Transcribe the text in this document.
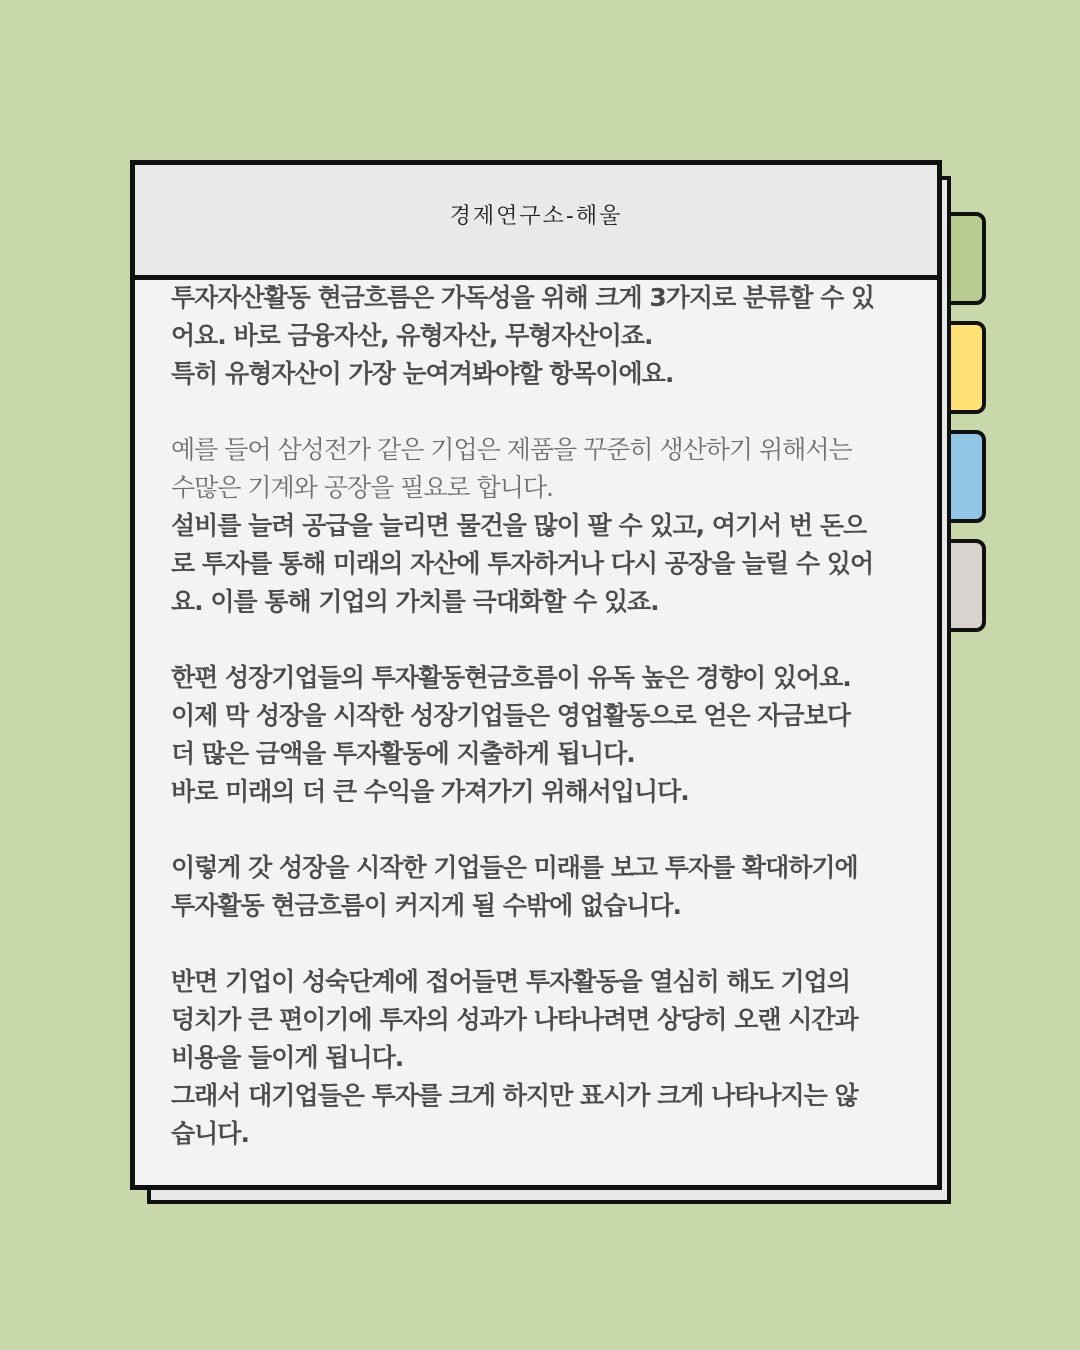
경제연구소-해울
투자자산활동 현금흐름은 가독성을 위해 크게 3가지로 분류할 수 있
어요. 바로 금융자산, 유형자산, 무형자산이죠.
특히 유형자산이 가장 눈여겨봐야할 항목이에요.
예를 들어 삼성전가 같은 기업은 제품을 꾸준히 생산하기 위해서는
수많은 기계와 공장을 필요로 합니다.
설비를 늘려 공급을 늘리면 물건을 많이 팔 수 있고, 여기서 번 돈으
로 투자를 통해 미래의 자산에 투자하거나 다시 공장을 늘릴 수 있어
요. 이를 통해 기업의 가치를 극대화할 수 있죠.
한편 성장기업들의 투자활동현금흐름이 유독 높은 경향이 있어요.
이제 막 성장을 시작한 성장기업들은 영업활동으로 얻은 자금보다
더 많은 금액을 투자활동에 지출하게 됩니다.
바로 미래의 더 큰 수익을 가져가기 위해서입니다.
이렇게 갓 성장을 시작한 기업들은 미래를 보고 투자를 확대하기에
투자활동 현금흐름이 커지게 될 수밖에 없습니다.
반면 기업이 성숙단계에 접어들면 투자활동을 열심히 해도 기업의
덩치가 큰 편이기에 투자의 성과가 나타나려면 상당히 오랜 시간과
비용을 들이게 됩니다.
그래서 대기업들은 투자를 크게 하지만 표시가 크게 나타나지는 않
습니다.
